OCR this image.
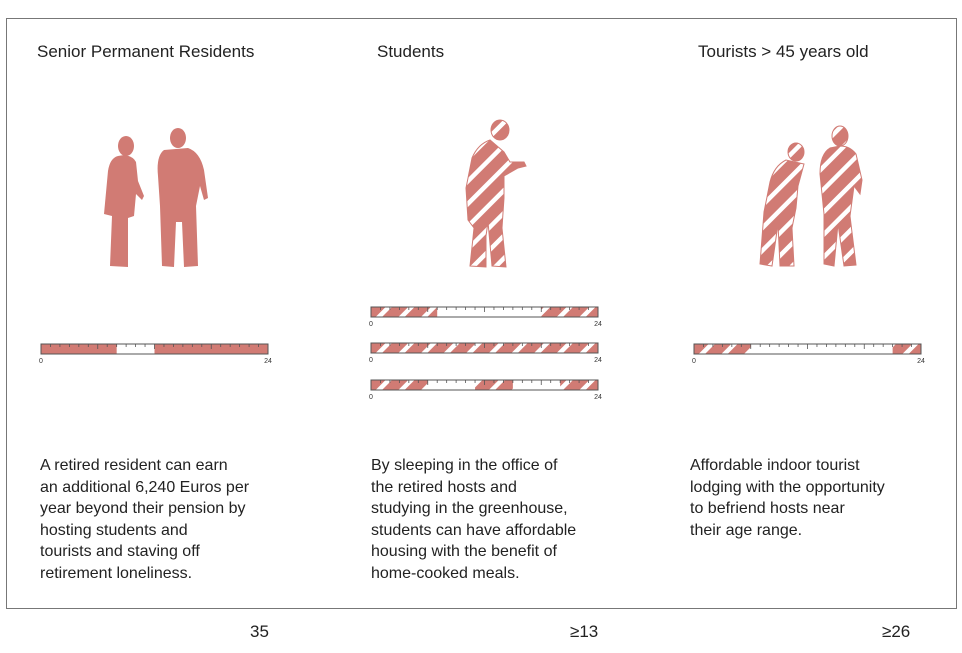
Senior Permanent Residents	Students	Tourists > 45 years old
0	24
0	24
0	24
0	24
0	24
A retired resident can earn
an additional 6,240 Euros per
year beyond their pension by
hosting students and
tourists and staving off
retirement loneliness.
By sleeping in the office of
the retired hosts and
studying in the greenhouse,
students can have affordable
housing with the benefit of
home-cooked meals.
Affordable indoor tourist
lodging with the opportunity
to befriend hosts near
their age range.
35	≥13	≥26
